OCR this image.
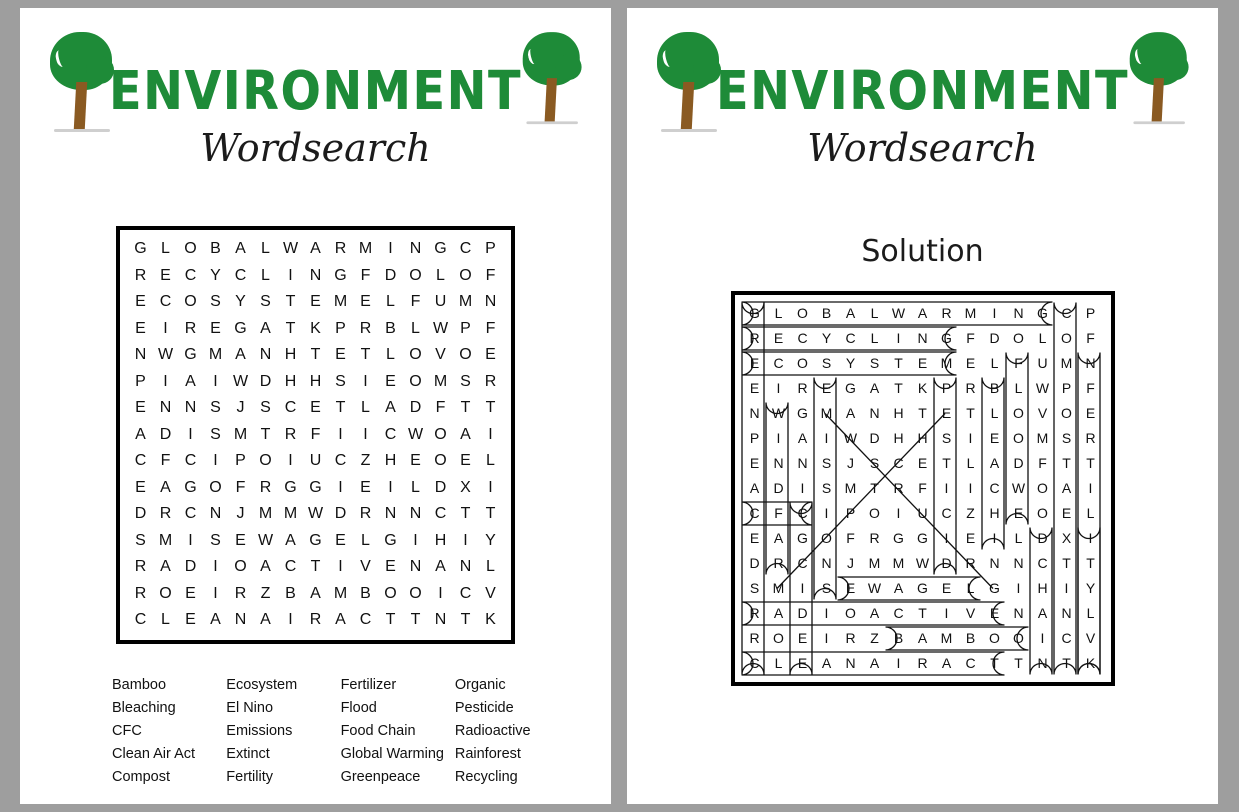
ENVIRONMENT
Wordsearch
G L O B A L W A R M	I	N G C P
R E C Y C L	I	N G F D O L O F
E C O S Y S T E M E L F U M N
E	I	R E G A T K P R B L W P F
N W G M A N H T E T L O V O E
P	I	A	I W D H H S	I	E O M S R
E N N S J S C E T L A D F T T
A D	I	S M T R F	I	I	C W O A	I
C F C	I	P O	I	U C Z H E O E L
E A G O F R G G	I	E	I	L D X	I
D R C N J M M W D R N N C T T
S M	I	S E W A G E L G	I	H	I	Y
R A D	I	O A C T	I	V E N A N L
R O E	I	R Z B A M B O O	I	C V
C L E A N A	I	R A C T T N T K
Bamboo
Bleaching
CFC
Clean Air Act
Compost
Ecosystem
El Nino
Emissions
Extinct
Fertility
Fertilizer
Flood
Food Chain
Global Warming
Greenpeace
Organic
Pesticide
Radioactive
Rainforest
Recycling
ENVIRONMENT
Wordsearch
Solution
G	L	O B	A	L W A	R M	I	N G C	P
R	E	C	Y	C	L	I	N G	F	D O	L	O	F
E	C O S	Y	S	T	E M E	L	F	U M N
E	I	R	E G A	T	K	P	R	B	L W P	F
N W G M A	N H	T	E	T	L	O V O E
P	I	A	I	W D H H	S	I	E O M S	R
E	N N	S	J	S	C	E	T	L	A	D	F	T	T
A	D	I	S M T	R	F	I	I	C W O A	I
C	F	C	I	P O	I	U C	Z	H	E O E	L
E	A G O	F	R G G	I	E	I	L	D	X	I
D R C N	J	M M W D R N N C	T	T
S M	I	S	E W A G E	L	G	I	H	I	Y
R	A	D	I	O A	C	T	I	V	E	N	A	N	L
R O E	I	R	Z	B	A M B O O	I	C	V
C	L	E	A	N	A	I	R	A	C	T	T	N	T	K
